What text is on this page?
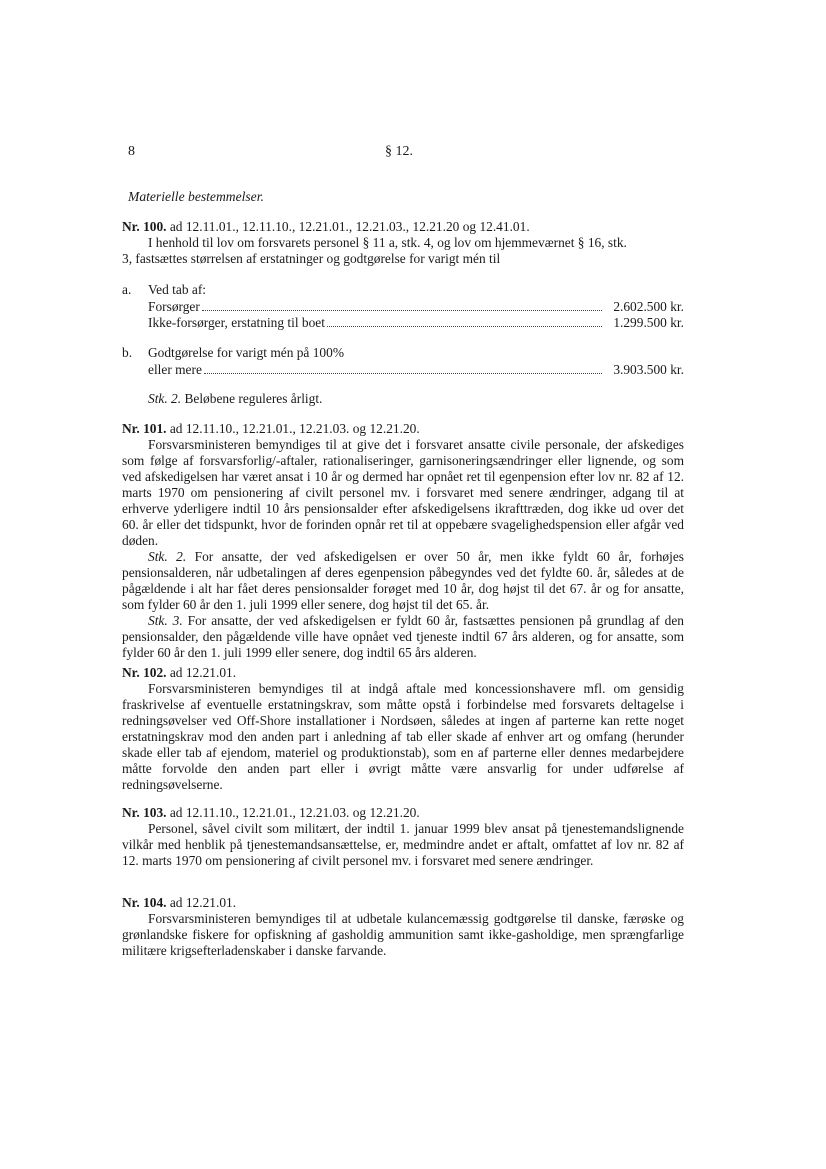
8	§ 12.
Materielle bestemmelser.
Nr. 100. ad 12.11.01., 12.11.10., 12.21.01., 12.21.03., 12.21.20 og 12.41.01.
I henhold til lov om forsvarets personel § 11 a, stk. 4, og lov om hjemmeværnet § 16, stk.
3, fastsættes størrelsen af erstatninger og godtgørelse for varigt mén til
a. Ved tab af:
Forsørger	2.602.500 kr.
Ikke-forsørger, erstatning til boet	1.299.500 kr.
b. Godtgørelse for varigt mén på 100%
eller mere	3.903.500 kr.
Stk. 2. Beløbene reguleres årligt.
Nr. 101. ad 12.11.10., 12.21.01., 12.21.03. og 12.21.20.

Forsvarsministeren bemyndiges til at give det i forsvaret ansatte civile personale, der afskediges som følge af forsvarsforlig/-aftaler, rationaliseringer, garnisoneringsændringer eller lignende, og som ved afskedigelsen har været ansat i 10 år og dermed har opnået ret til egenpension efter lov nr. 82 af 12. marts 1970 om pensionering af civilt personel mv. i forsvaret med senere ændringer, adgang til at erhverve yderligere indtil 10 års pensionsalder efter afskedigelsens ikrafttræden, dog ikke ud over det 60. år eller det tidspunkt, hvor de forinden opnår ret til at oppebære svagelighedspension eller afgår ved døden.

Stk. 2. For ansatte, der ved afskedigelsen er over 50 år, men ikke fyldt 60 år, forhøjes pensionsalderen, når udbetalingen af deres egenpension påbegyndes ved det fyldte 60. år, således at de pågældende i alt har fået deres pensionsalder forøget med 10 år, dog højst til det 67. år og for ansatte, som fylder 60 år den 1. juli 1999 eller senere, dog højst til det 65. år.

Stk. 3. For ansatte, der ved afskedigelsen er fyldt 60 år, fastsættes pensionen på grundlag af den pensionsalder, den pågældende ville have opnået ved tjeneste indtil 67 års alderen, og for ansatte, som fylder 60 år den 1. juli 1999 eller senere, dog indtil 65 års alderen.

Nr. 102. ad 12.21.01.

Forsvarsministeren bemyndiges til at indgå aftale med koncessionshavere mfl. om gensidig fraskrivelse af eventuelle erstatningskrav, som måtte opstå i forbindelse med forsvarets deltagelse i redningsøvelser ved Off-Shore installationer i Nordsøen, således at ingen af parterne kan rette noget erstatningskrav mod den anden part i anledning af tab eller skade af enhver art og omfang (herunder skade eller tab af ejendom, materiel og produktionstab), som en af parterne eller dennes medarbejdere måtte forvolde den anden part eller i øvrigt måtte være ansvarlig for under udførelse af redningsøvelserne.

Nr. 103. ad 12.11.10., 12.21.01., 12.21.03. og 12.21.20.

Personel, såvel civilt som militært, der indtil 1. januar 1999 blev ansat på tjenestemandslignende vilkår med henblik på tjenestemandsansættelse, er, medmindre andet er aftalt, omfattet af lov nr. 82 af 12. marts 1970 om pensionering af civilt personel mv. i forsvaret med senere ændringer.

Nr. 104. ad 12.21.01.

Forsvarsministeren bemyndiges til at udbetale kulancemæssig godtgørelse til danske, færøske og grønlandske fiskere for opfiskning af gasholdig ammunition samt ikke-gasholdige, men sprængfarlige militære krigsefterladenskaber i danske farvande.
